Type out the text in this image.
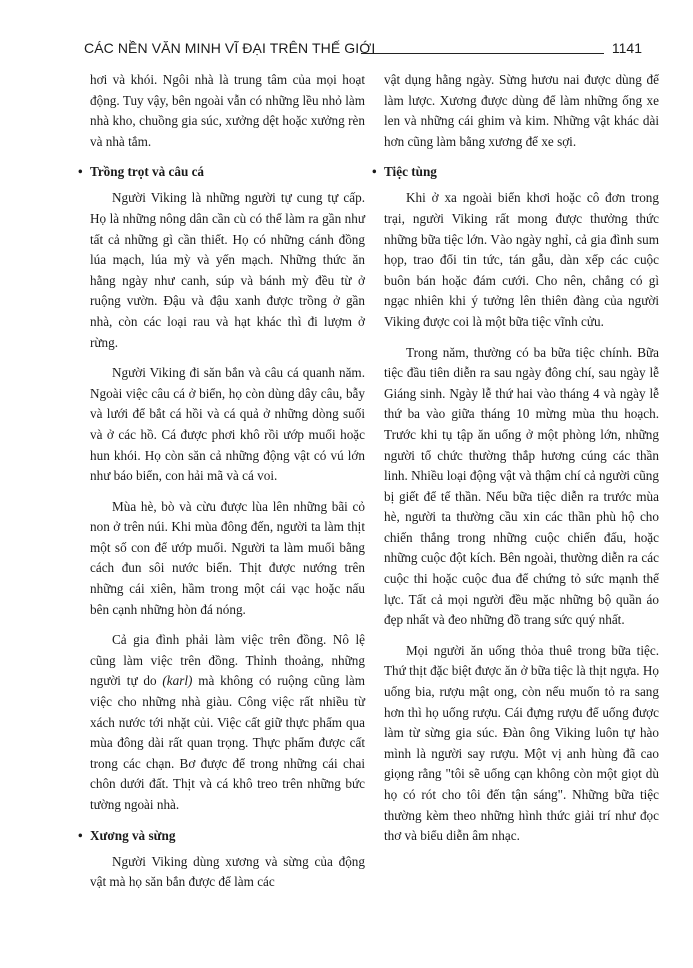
CÁC NỀN VĂN MINH VĨ ĐẠI TRÊN THẾ GIỚI	1141

hơi và khói. Ngôi nhà là trung tâm của mọi hoạt động. Tuy vậy, bên ngoài vẫn có những lều nhỏ làm nhà kho, chuồng gia súc, xưởng dệt hoặc xưởng rèn và nhà tắm.

• Trồng trọt và câu cá

Người Viking là những người tự cung tự cấp. Họ là những nông dân cần cù có thể làm ra gần như tất cả những gì cần thiết. Họ có những cánh đồng lúa mạch, lúa mỳ và yến mạch. Những thức ăn hằng ngày như canh, súp và bánh mỳ đều từ ở ruộng vườn. Đậu và đậu xanh được trồng ở gần nhà, còn các loại rau và hạt khác thì đi lượm ở rừng.

Người Viking đi săn bắn và câu cá quanh năm. Ngoài việc câu cá ở biển, họ còn dùng dây câu, bẫy và lưới để bắt cá hồi và cá quả ở những dòng suối và ở các hồ. Cá được phơi khô rồi ướp muối hoặc hun khói. Họ còn săn cả những động vật có vú lớn như báo biển, con hải mã và cá voi.

Mùa hè, bò và cừu được lùa lên những bãi cỏ non ở trên núi. Khi mùa đông đến, người ta làm thịt một số con để ướp muối. Người ta làm muối bằng cách đun sôi nước biển. Thịt được nướng trên những cái xiên, hầm trong một cái vạc hoặc nấu bên cạnh những hòn đá nóng.

Cả gia đình phải làm việc trên đồng. Nô lệ cũng làm việc trên đồng. Thỉnh thoảng, những người tự do (karl) mà không có ruộng cũng làm việc cho những nhà giàu. Công việc rất nhiều từ xách nước tới nhặt củi. Việc cất giữ thực phẩm qua mùa đông dài rất quan trọng. Thực phẩm được cất trong các chạn. Bơ được để trong những cái chai chôn dưới đất. Thịt và cá khô treo trên những bức tường ngoài nhà.

• Xương và sừng

Người Viking dùng xương và sừng của động vật mà họ săn bắn được để làm các

vật dụng hằng ngày. Sừng hươu nai được dùng để làm lược. Xương được dùng để làm những ống xe len và những cái ghim và kim. Những vật khác dài hơn cũng làm bằng xương để xe sợi.

• Tiệc tùng

Khi ở xa ngoài biển khơi hoặc cô đơn trong trại, người Viking rất mong được thưởng thức những bữa tiệc lớn. Vào ngày nghỉ, cả gia đình sum họp, trao đổi tin tức, tán gẫu, dàn xếp các cuộc buôn bán hoặc đám cưới. Cho nên, chẳng có gì ngạc nhiên khi ý tưởng lên thiên đàng của người Viking được coi là một bữa tiệc vĩnh cửu.

Trong năm, thường có ba bữa tiệc chính. Bữa tiệc đầu tiên diễn ra sau ngày đông chí, sau ngày lễ Giáng sinh. Ngày lễ thứ hai vào tháng 4 và ngày lễ thứ ba vào giữa tháng 10 mừng mùa thu hoạch. Trước khi tụ tập ăn uống ở một phòng lớn, những người tổ chức thường thắp hương cúng các thần linh. Nhiều loại động vật và thậm chí cả người cũng bị giết để tế thần. Nếu bữa tiệc diễn ra trước mùa hè, người ta thường cầu xin các thần phù hộ cho chiến thắng trong những cuộc chiến đấu, hoặc những cuộc đột kích. Bên ngoài, thường diễn ra các cuộc thi hoặc cuộc đua để chứng tỏ sức mạnh thể lực. Tất cả mọi người đều mặc những bộ quần áo đẹp nhất và đeo những đồ trang sức quý nhất.

Mọi người ăn uống thỏa thuê trong bữa tiệc. Thứ thịt đặc biệt được ăn ở bữa tiệc là thịt ngựa. Họ uống bia, rượu mật ong, còn nếu muốn tỏ ra sang hơn thì họ uống rượu. Cái đựng rượu để uống được làm từ sừng gia súc. Đàn ông Viking luôn tự hào mình là người say rượu. Một vị anh hùng đã cao giọng rằng "tôi sẽ uống cạn không còn một giọt dù họ có rót cho tôi đến tận sáng". Những bữa tiệc thường kèm theo những hình thức giải trí như đọc thơ và biểu diễn âm nhạc.
